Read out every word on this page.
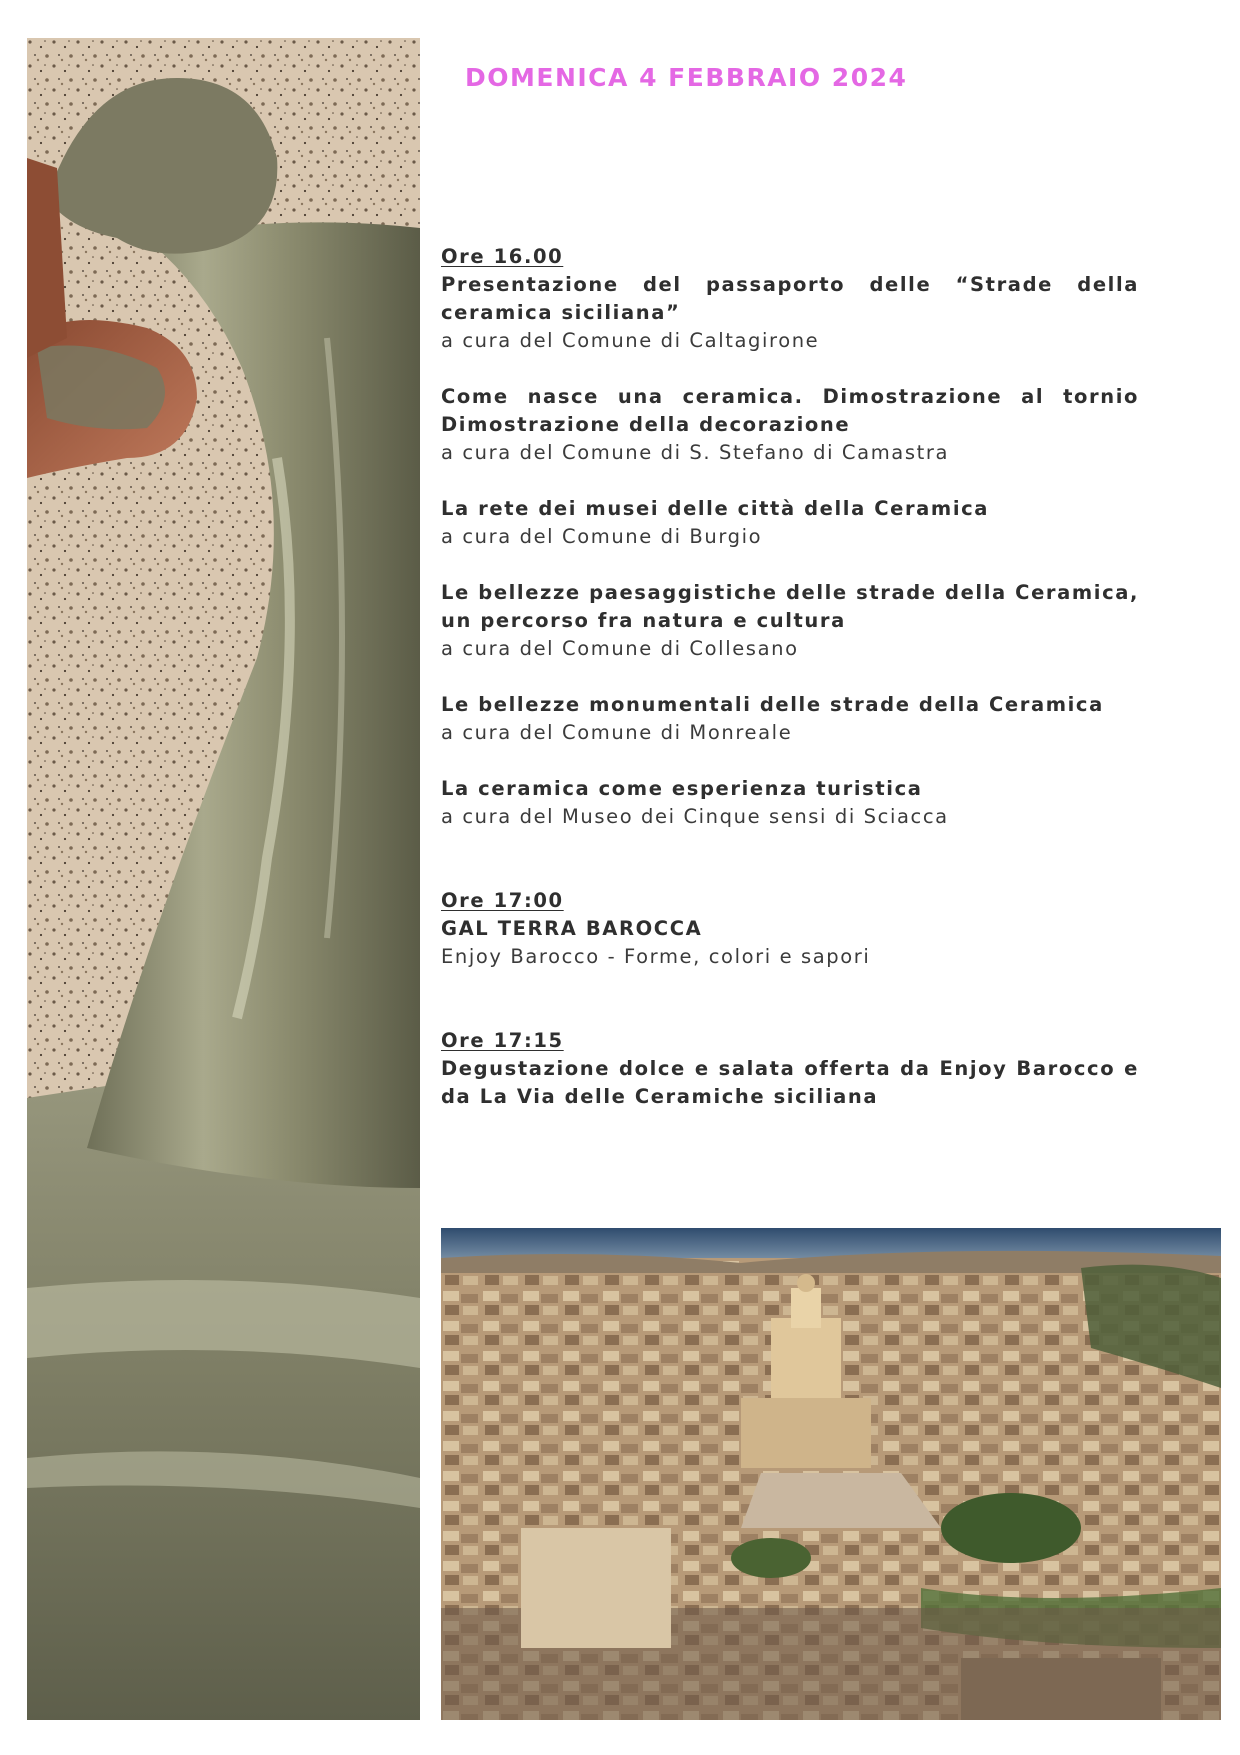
DOMENICA 4 FEBBRAIO 2024
Ore 16.00
Presentazione del passaporto delle “Strade della ceramica siciliana”
a cura del Comune di Caltagirone
Come nasce una ceramica. Dimostrazione al tornio Dimostrazione della decorazione
a cura del Comune di S. Stefano di Camastra
La rete dei musei delle città della Ceramica
a cura del Comune di Burgio
Le bellezze paesaggistiche delle strade della Ceramica, un percorso fra natura e cultura
a cura del Comune di Collesano
Le bellezze monumentali delle strade della Ceramica
a cura del Comune di Monreale
La ceramica come esperienza turistica
a cura del Museo dei Cinque sensi di Sciacca
Ore 17:00
GAL TERRA BAROCCA
Enjoy Barocco - Forme, colori e sapori
Ore 17:15
Degustazione dolce e salata offerta da Enjoy Barocco e da La Via delle Ceramiche siciliana
